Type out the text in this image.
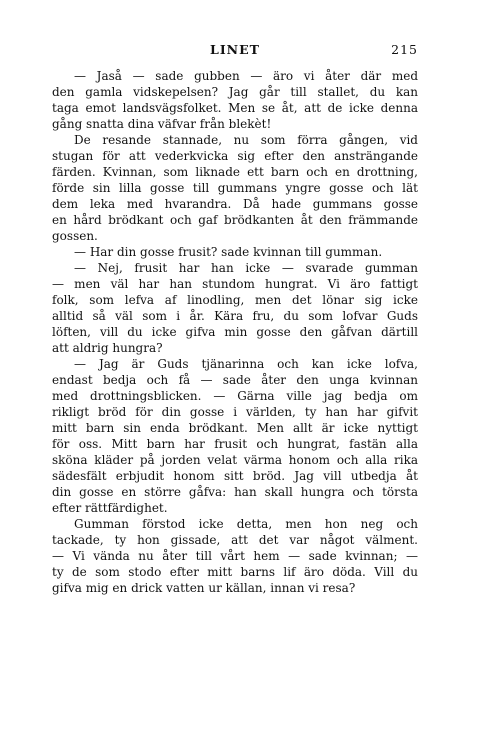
LINET	215
— Jaså — sade gubben — äro vi åter där med
den gamla vidskepelsen? Jag går till stallet, du kan
taga emot landsvägsfolket. Men se åt, att de icke denna
gång snatta dina väfvar från blekèt!
De resande stannade, nu som förra gången, vid
stugan för att vederkvicka sig efter den ansträngande
färden. Kvinnan, som liknade ett barn och en drottning,
förde sin lilla gosse till gummans yngre gosse och lät
dem leka med hvarandra. Då hade gummans gosse
en hård brödkant och gaf brödkanten åt den främmande
gossen.
— Har din gosse frusit? sade kvinnan till gumman.
— Nej, frusit har han icke — svarade gumman
— men väl har han stundom hungrat. Vi äro fattigt
folk, som lefva af linodling, men det lönar sig icke
alltid så väl som i år. Kära fru, du som lofvar Guds
löften, vill du icke gifva min gosse den gåfvan därtill
att aldrig hungra?
— Jag är Guds tjänarinna och kan icke lofva,
endast bedja och få — sade åter den unga kvinnan
med drottningsblicken. — Gärna ville jag bedja om
rikligt bröd för din gosse i världen, ty han har gifvit
mitt barn sin enda brödkant. Men allt är icke nyttigt
för oss. Mitt barn har frusit och hungrat, fastän alla
sköna kläder på jorden velat värma honom och alla rika
sädesfält erbjudit honom sitt bröd. Jag vill utbedja åt
din gosse en större gåfva: han skall hungra och törsta
efter rättfärdighet.
Gumman förstod icke detta, men hon neg och
tackade, ty hon gissade, att det var något välment.
— Vi vända nu åter till vårt hem — sade kvinnan; —
ty de som stodo efter mitt barns lif äro döda. Vill du
gifva mig en drick vatten ur källan, innan vi resa?
